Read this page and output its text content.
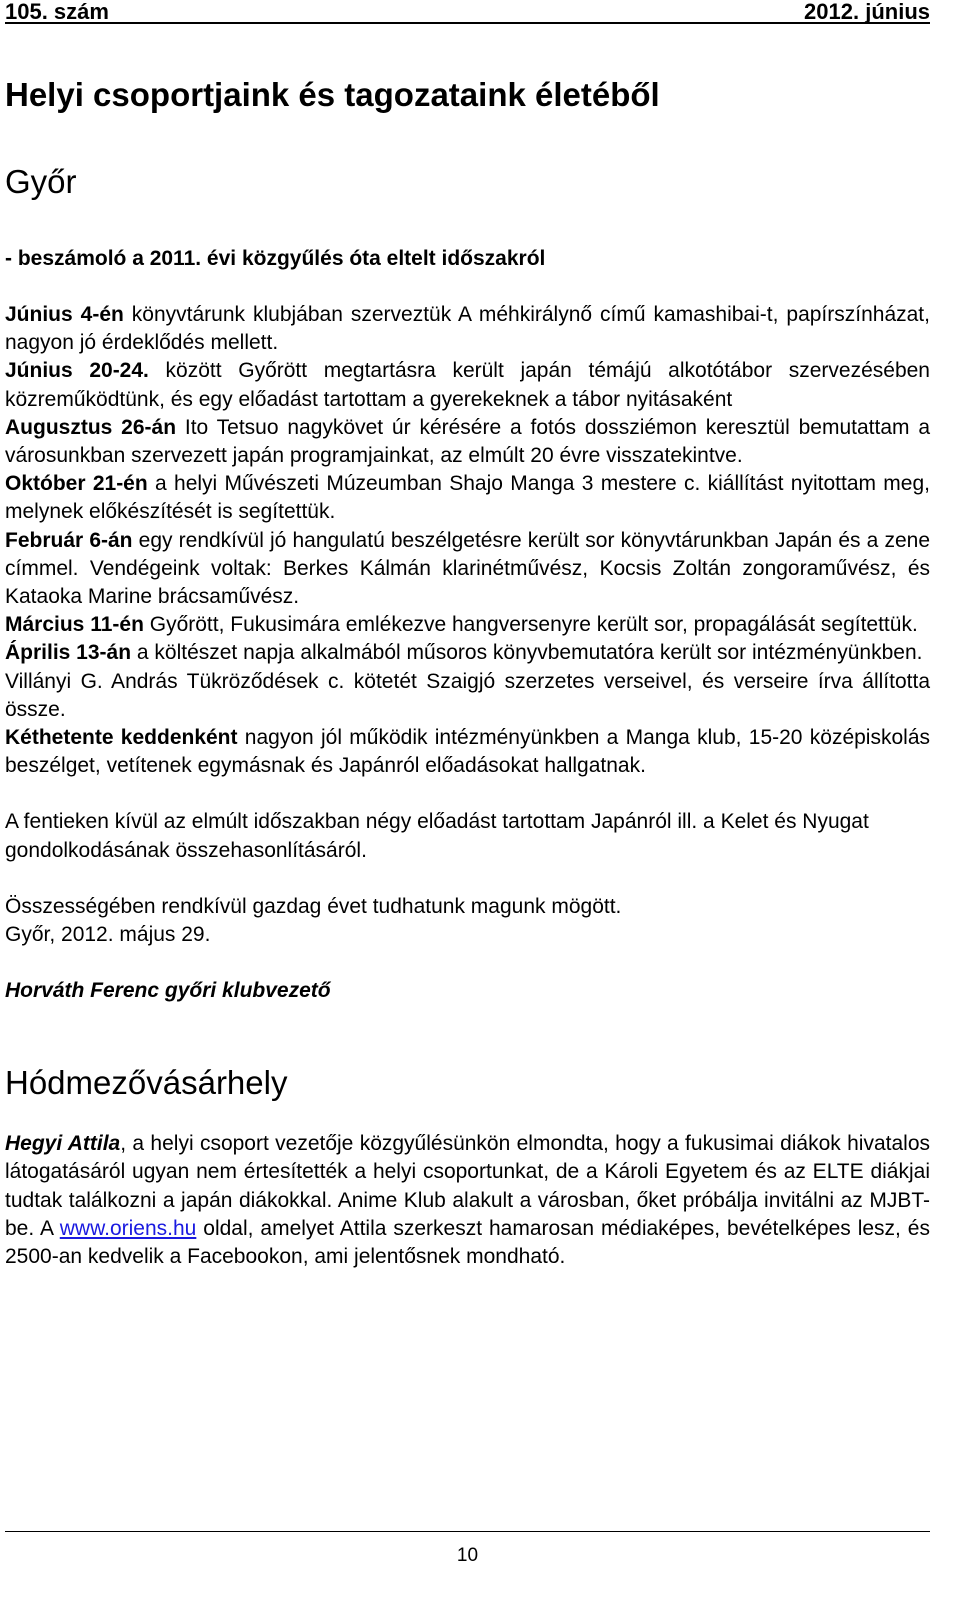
105. szám	2012. június
Helyi csoportjaink és tagozataink életéből
Győr
- beszámoló a 2011. évi közgyűlés óta eltelt időszakról

Június 4-én könyvtárunk klubjában szerveztük A méhkirálynő című kamashibai-t, papírszínházat, nagyon jó érdeklődés mellett.

Június 20-24. között Győrött megtartásra került japán témájú alkotótábor szervezésében közreműködtünk, és egy előadást tartottam a gyerekeknek a tábor nyitásaként

Augusztus 26-án Ito Tetsuo nagykövet úr kérésére a fotós dossziémon keresztül bemutattam a városunkban szervezett japán programjainkat, az elmúlt 20 évre visszatekintve.

Október 21-én a helyi Művészeti Múzeumban Shajo Manga 3 mestere c. kiállítást nyitottam meg, melynek előkészítését is segítettük.

Február 6-án egy rendkívül jó hangulatú beszélgetésre került sor könyvtárunkban Japán és a zene címmel. Vendégeink voltak: Berkes Kálmán klarinétművész, Kocsis Zoltán zongoraművész, és Kataoka Marine brácsaművész.

Március 11-én Győrött, Fukusimára emlékezve hangversenyre került sor, propagálását segítettük.

Április 13-án a költészet napja alkalmából műsoros könyvbemutatóra került sor intézményünkben.

Villányi G. András Tükröződések c. kötetét Szaigjó szerzetes verseivel, és verseire írva állította össze.

Kéthetente keddenként nagyon jól működik intézményünkben a Manga klub, 15-20 középiskolás beszélget, vetítenek egymásnak és Japánról előadásokat hallgatnak.

A fentieken kívül az elmúlt időszakban négy előadást tartottam Japánról ill. a Kelet és Nyugat gondolkodásának összehasonlításáról.

Összességében rendkívül gazdag évet tudhatunk magunk mögött.

Győr, 2012. május 29.

Horváth Ferenc győri klubvezető
Hódmezővásárhely

Hegyi Attila, a helyi csoport vezetője közgyűlésünkön elmondta, hogy a fukusimai diákok hivatalos látogatásáról ugyan nem értesítették a helyi csoportunkat, de a Károli Egyetem és az ELTE diákjai tudtak találkozni a japán diákokkal. Anime Klub alakult a városban, őket próbálja invitálni az MJBT-be. A www.oriens.hu oldal, amelyet Attila szerkeszt hamarosan médiaképes, bevételképes lesz, és 2500-an kedvelik a Facebookon, ami jelentősnek mondható.

10
